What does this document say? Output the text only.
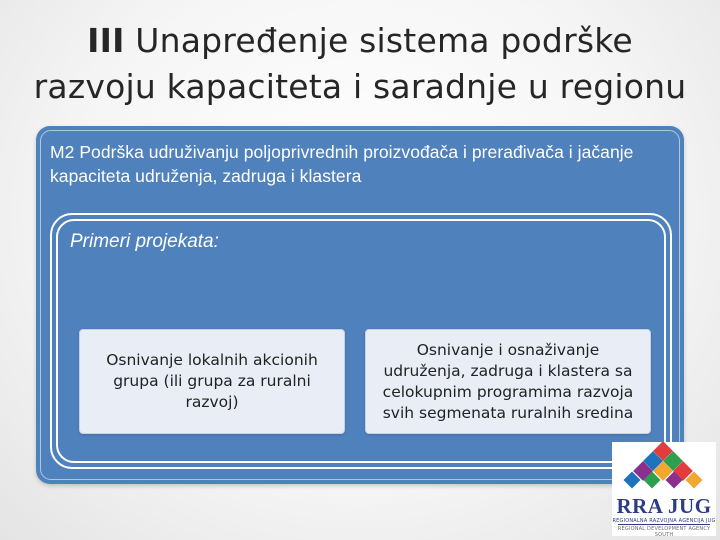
III Unapređenje sistema podrške
razvoju kapaciteta i saradnje u regionu
M2 Podrška udruživanju poljoprivrednih proizvođača i prerađivača i jačanje kapaciteta udruženja, zadruga i klastera
Primeri projekata:
Osnivanje lokalnih akcionih grupa (ili grupa za ruralni razvoj)
Osnivanje i osnaživanje udruženja, zadruga i klastera sa celokupnim programima razvoja svih segmenata ruralnih sredina
RRA JUG
REGIONALNA RAZVOJNA AGENCIJA JUG
REGIONAL DEVELOPMENT AGENCY SOUTH
